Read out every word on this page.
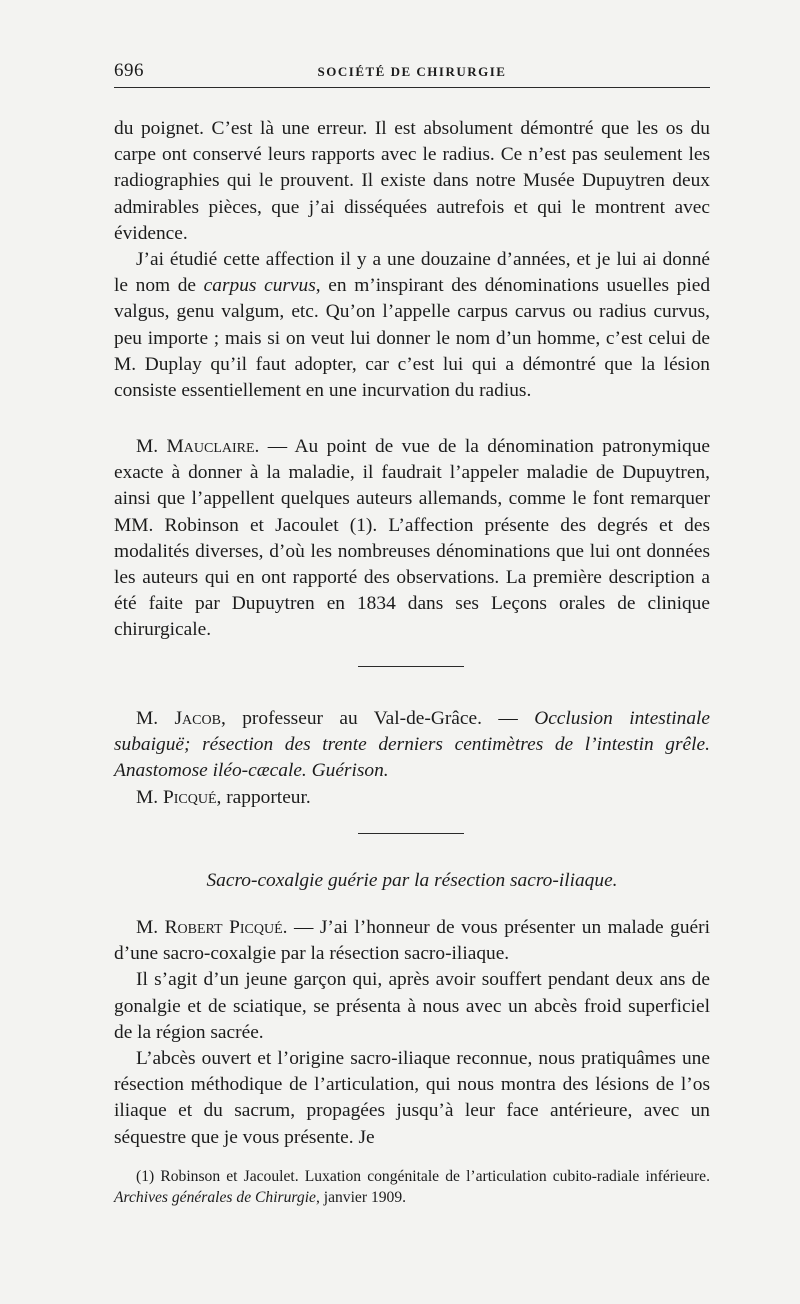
696	SOCIÉTÉ DE CHIRURGIE

du poignet. C’est là une erreur. Il est absolument démontré que les os du carpe ont conservé leurs rapports avec le radius. Ce n’est pas seulement les radiographies qui le prouvent. Il existe dans notre Musée Dupuytren deux admirables pièces, que j’ai disséquées autrefois et qui le montrent avec évidence.

J’ai étudié cette affection il y a une douzaine d’années, et je lui ai donné le nom de carpus curvus, en m’inspirant des dénominations usuelles pied valgus, genu valgum, etc. Qu’on l’appelle carpus carvus ou radius curvus, peu importe ; mais si on veut lui donner le nom d’un homme, c’est celui de M. Duplay qu’il faut adopter, car c’est lui qui a démontré que la lésion consiste essentiellement en une incurvation du radius.

M. Mauclaire. — Au point de vue de la dénomination patronymique exacte à donner à la maladie, il faudrait l’appeler maladie de Dupuytren, ainsi que l’appellent quelques auteurs allemands, comme le font remarquer MM. Robinson et Jacoulet (1). L’affection présente des degrés et des modalités diverses, d’où les nombreuses dénominations que lui ont données les auteurs qui en ont rapporté des observations. La première description a été faite par Dupuytren en 1834 dans ses Leçons orales de clinique chirurgicale.

M. Jacob, professeur au Val-de-Grâce. — Occlusion intestinale subaiguë; résection des trente derniers centimètres de l’intestin grêle. Anastomose iléo-cæcale. Guérison.

M. Picqué, rapporteur.

Sacro-coxalgie guérie par la résection sacro-iliaque.

M. Robert Picqué. — J’ai l’honneur de vous présenter un malade guéri d’une sacro-coxalgie par la résection sacro-iliaque.

Il s’agit d’un jeune garçon qui, après avoir souffert pendant deux ans de gonalgie et de sciatique, se présenta à nous avec un abcès froid superficiel de la région sacrée.

L’abcès ouvert et l’origine sacro-iliaque reconnue, nous pratiquâmes une résection méthodique de l’articulation, qui nous montra des lésions de l’os iliaque et du sacrum, propagées jusqu’à leur face antérieure, avec un séquestre que je vous présente. Je

(1) Robinson et Jacoulet. Luxation congénitale de l’articulation cubito-radiale inférieure. Archives générales de Chirurgie, janvier 1909.
